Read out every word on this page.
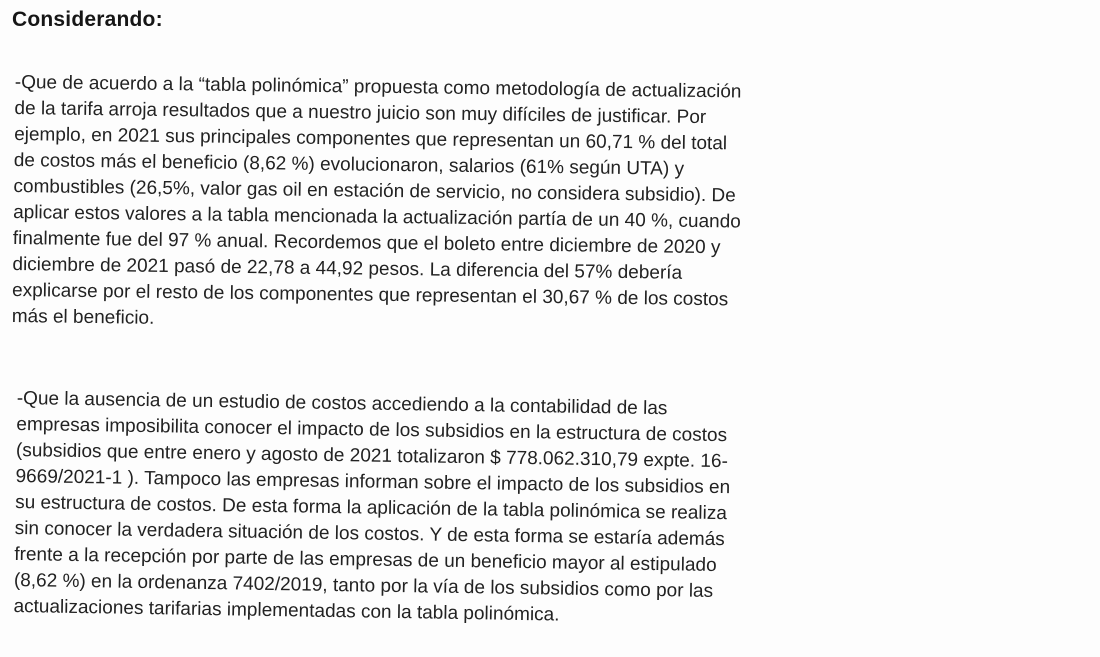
Considerando:
-Que de acuerdo a la “tabla polinómica” propuesta como metodología de actualización
de la tarifa arroja resultados que a nuestro juicio son muy difíciles de justificar. Por
ejemplo, en 2021 sus principales componentes que representan un 60,71 % del total
de costos más el beneficio (8,62 %) evolucionaron, salarios (61% según UTA) y
combustibles (26,5%, valor gas oil en estación de servicio, no considera subsidio). De
aplicar estos valores a la tabla mencionada la actualización partía de un 40 %, cuando
finalmente fue del 97 % anual. Recordemos que el boleto entre diciembre de 2020 y
diciembre de 2021 pasó de 22,78 a 44,92 pesos. La diferencia del 57% debería
explicarse por el resto de los componentes que representan el 30,67 % de los costos
más el beneficio.
-Que la ausencia de un estudio de costos accediendo a la contabilidad de las
empresas imposibilita conocer el impacto de los subsidios en la estructura de costos
(subsidios que entre enero y agosto de 2021 totalizaron $ 778.062.310,79 expte. 16-
9669/2021-1 ). Tampoco las empresas informan sobre el impacto de los subsidios en
su estructura de costos. De esta forma la aplicación de la tabla polinómica se realiza
sin conocer la verdadera situación de los costos. Y de esta forma se estaría además
frente a la recepción por parte de las empresas de un beneficio mayor al estipulado
(8,62 %) en la ordenanza 7402/2019, tanto por la vía de los subsidios como por las
actualizaciones tarifarias implementadas con la tabla polinómica.
